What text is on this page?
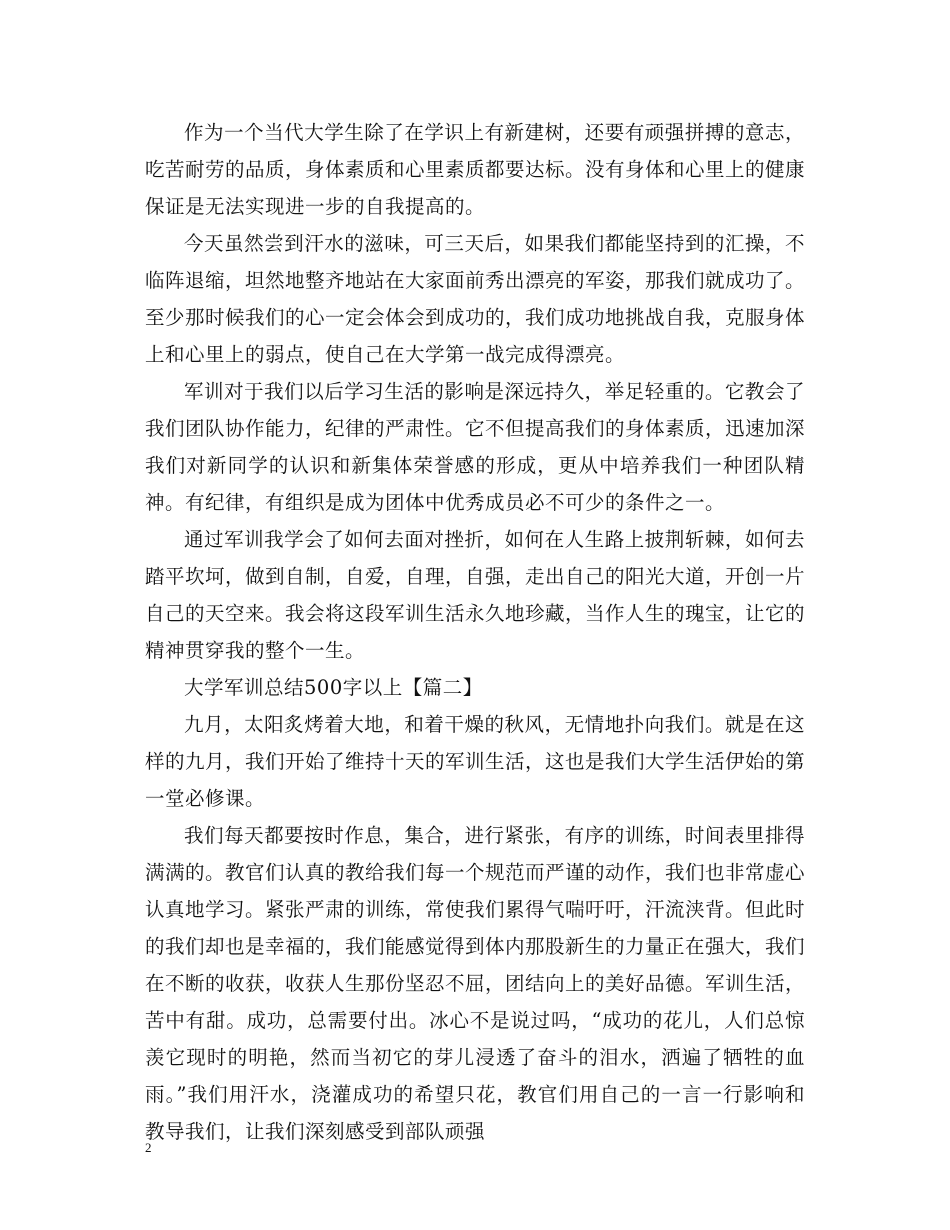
作为一个当代大学生除了在学识上有新建树，还要有顽强拼搏的意志，吃苦耐劳的品质，身体素质和心里素质都要达标。没有身体和心里上的健康保证是无法实现进一步的自我提高的。

今天虽然尝到汗水的滋味，可三天后，如果我们都能坚持到的汇操，不临阵退缩，坦然地整齐地站在大家面前秀出漂亮的军姿，那我们就成功了。至少那时候我们的心一定会体会到成功的，我们成功地挑战自我，克服身体上和心里上的弱点，使自己在大学第一战完成得漂亮。

军训对于我们以后学习生活的影响是深远持久，举足轻重的。它教会了我们团队协作能力，纪律的严肃性。它不但提高我们的身体素质，迅速加深我们对新同学的认识和新集体荣誉感的形成，更从中培养我们一种团队精神。有纪律，有组织是成为团体中优秀成员必不可少的条件之一。

通过军训我学会了如何去面对挫折，如何在人生路上披荆斩棘，如何去踏平坎坷，做到自制，自爱，自理，自强，走出自己的阳光大道，开创一片自己的天空来。我会将这段军训生活永久地珍藏，当作人生的瑰宝，让它的精神贯穿我的整个一生。

大学军训总结500字以上【篇二】

九月，太阳炙烤着大地，和着干燥的秋风，无情地扑向我们。就是在这样的九月，我们开始了维持十天的军训生活，这也是我们大学生活伊始的第一堂必修课。

我们每天都要按时作息，集合，进行紧张，有序的训练，时间表里排得满满的。教官们认真的教给我们每一个规范而严谨的动作，我们也非常虚心认真地学习。紧张严肃的训练，常使我们累得气喘吁吁，汗流浃背。但此时的我们却也是幸福的，我们能感觉得到体内那股新生的力量正在强大，我们在不断的收获，收获人生那份坚忍不屈，团结向上的美好品德。军训生活，苦中有甜。成功，总需要付出。冰心不是说过吗，“成功的花儿，人们总惊羡它现时的明艳，然而当初它的芽儿浸透了奋斗的泪水，洒遍了牺牲的血雨。”我们用汗水，浇灌成功的希望只花，教官们用自己的一言一行影响和教导我们，让我们深刻感受到部队顽强

2
